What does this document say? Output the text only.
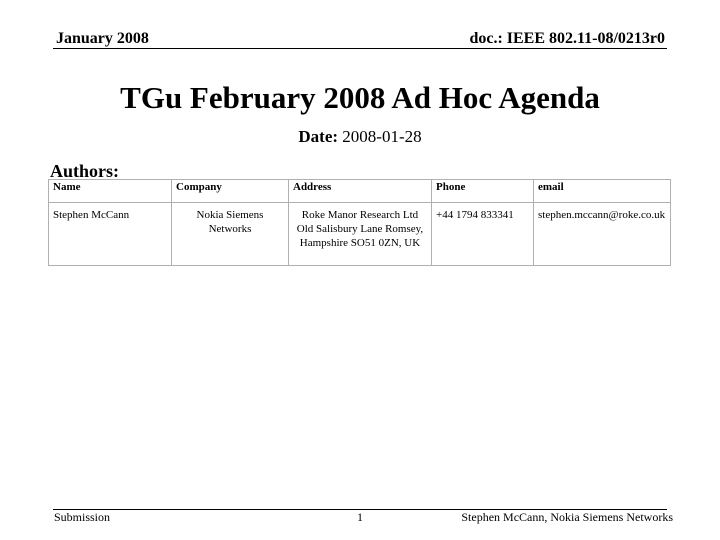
January 2008	doc.: IEEE 802.11-08/0213r0
TGu February 2008 Ad Hoc Agenda
Date: 2008-01-28
Authors:
Name	Company	Address	Phone	email
Stephen McCann	Nokia Siemens Networks	Roke Manor Research Ltd Old Salisbury Lane Romsey, Hampshire SO51 0ZN, UK	+44 1794 833341	stephen.mccann@roke.co.uk
Submission	1	Stephen McCann, Nokia Siemens Networks
